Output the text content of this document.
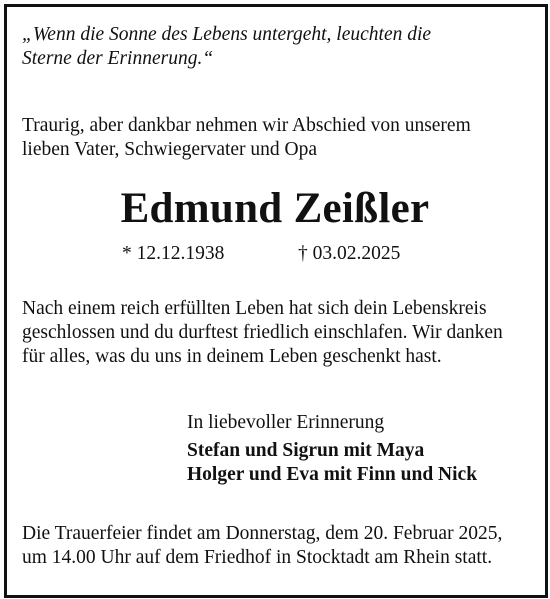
„Wenn die Sonne des Lebens untergeht, leuchten die
Sterne der Erinnerung.“
Traurig, aber dankbar nehmen wir Abschied von unserem
lieben Vater, Schwiegervater und Opa
Edmund Zeißler
* 12.12.1938	† 03.02.2025
Nach einem reich erfüllten Leben hat sich dein Lebenskreis
geschlossen und du durftest friedlich einschlafen. Wir danken
für alles, was du uns in deinem Leben geschenkt hast.
In liebevoller Erinnerung
Stefan und Sigrun mit Maya
Holger und Eva mit Finn und Nick
Die Trauerfeier findet am Donnerstag, dem 20. Februar 2025,
um 14.00 Uhr auf dem Friedhof in Stocktadt am Rhein statt.
